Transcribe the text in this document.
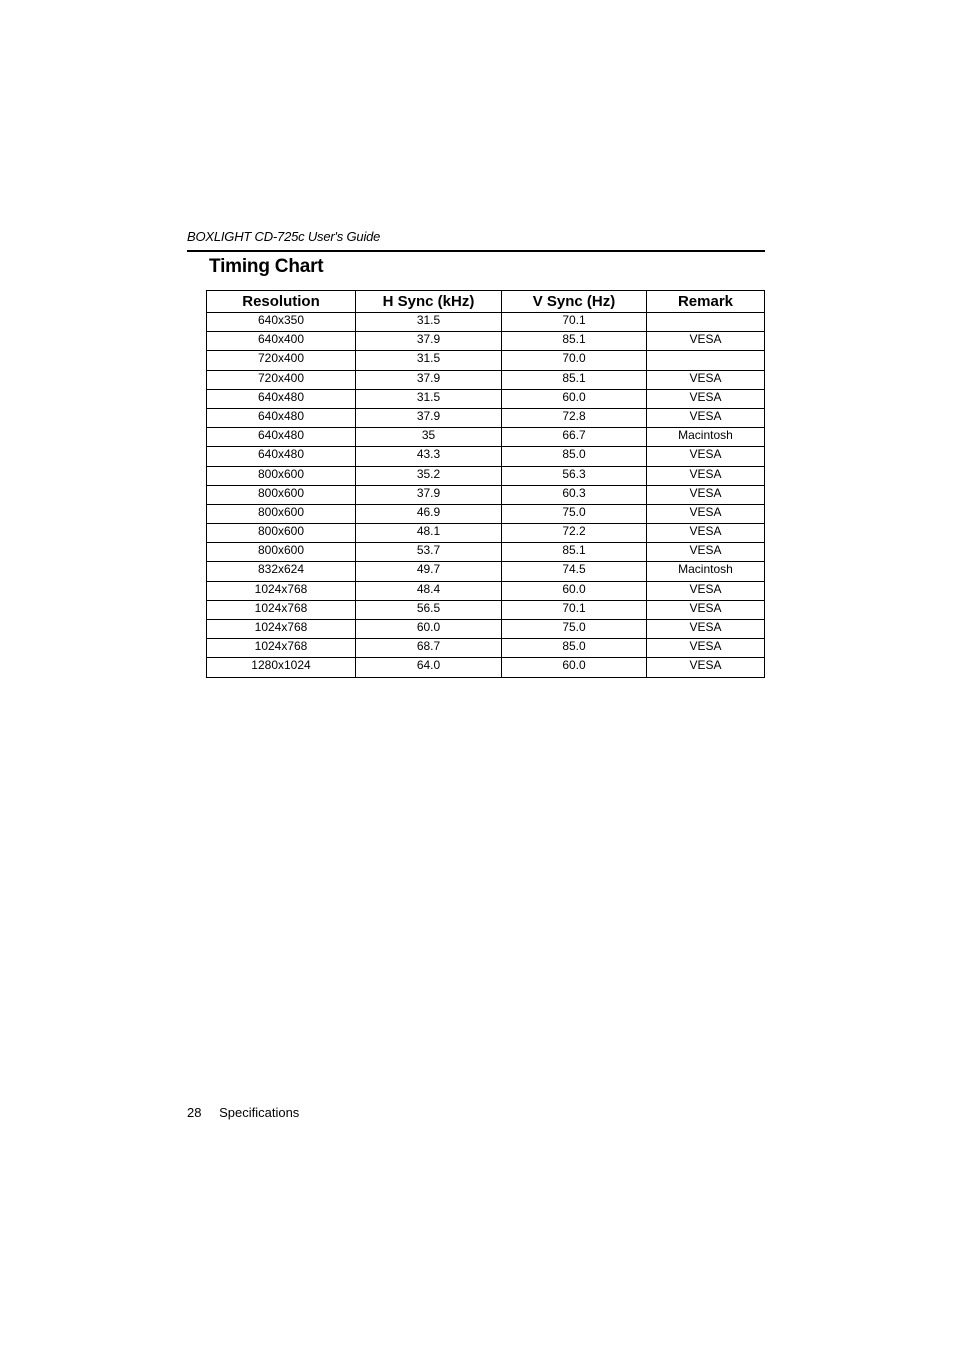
BOXLIGHT CD-725c User's Guide
Timing Chart
Resolution	H Sync (kHz)	V Sync (Hz)	Remark
640x350	31.5	70.1	
640x400	37.9	85.1	VESA
720x400	31.5	70.0	
720x400	37.9	85.1	VESA
640x480	31.5	60.0	VESA
640x480	37.9	72.8	VESA
640x480	35	66.7	Macintosh
640x480	43.3	85.0	VESA
800x600	35.2	56.3	VESA
800x600	37.9	60.3	VESA
800x600	46.9	75.0	VESA
800x600	48.1	72.2	VESA
800x600	53.7	85.1	VESA
832x624	49.7	74.5	Macintosh
1024x768	48.4	60.0	VESA
1024x768	56.5	70.1	VESA
1024x768	60.0	75.0	VESA
1024x768	68.7	85.0	VESA
1280x1024	64.0	60.0	VESA
28 Specifications
